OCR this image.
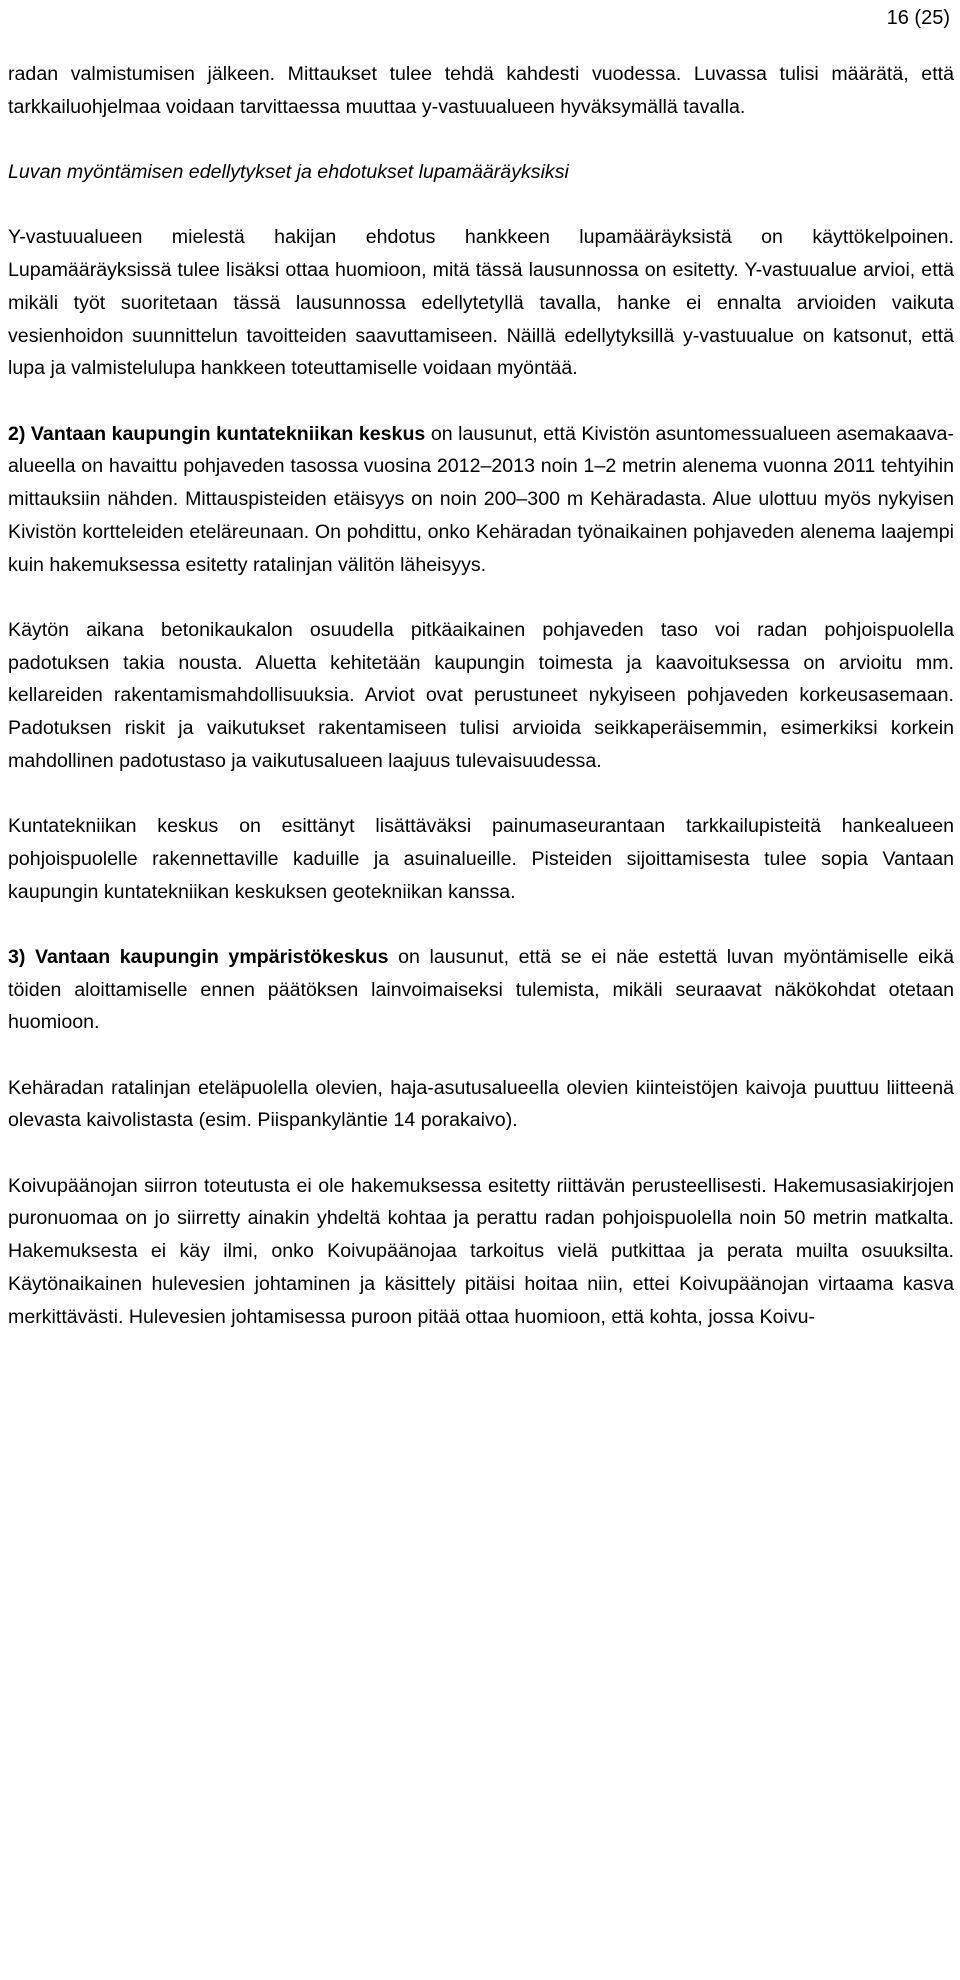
16 (25)

radan valmistumisen jälkeen. Mittaukset tulee tehdä kahdesti vuodessa. Luvassa tulisi määrätä, että tarkkailuohjelmaa voidaan tarvittaessa muuttaa y-vastuualueen hyväksymällä tavalla.

Luvan myöntämisen edellytykset ja ehdotukset lupamääräyksiksi

Y-vastuualueen mielestä hakijan ehdotus hankkeen lupamääräyksistä on käyttökelpoinen. Lupamääräyksissä tulee lisäksi ottaa huomioon, mitä tässä lausunnossa on esitetty. Y-vastuualue arvioi, että mikäli työt suoritetaan tässä lausunnossa edellytetyllä tavalla, hanke ei ennalta arvioiden vaikuta vesienhoidon suunnittelun tavoitteiden saavuttamiseen. Näillä edellytyksillä y-vastuualue on katsonut, että lupa ja valmistelulupa hankkeen toteuttamiselle voidaan myöntää.

2) Vantaan kaupungin kuntatekniikan keskus on lausunut, että Kivistön asuntomessualueen asemakaava-alueella on havaittu pohjaveden tasossa vuosina 2012–2013 noin 1–2 metrin alenema vuonna 2011 tehtyihin mittauksiin nähden. Mittauspisteiden etäisyys on noin 200–300 m Kehäradasta. Alue ulottuu myös nykyisen Kivistön kortteleiden eteläreunaan. On pohdittu, onko Kehäradan työnaikainen pohjaveden alenema laajempi kuin hakemuksessa esitetty ratalinjan välitön läheisyys.

Käytön aikana betonikaukalon osuudella pitkäaikainen pohjaveden taso voi radan pohjoispuolella padotuksen takia nousta. Aluetta kehitetään kaupungin toimesta ja kaavoituksessa on arvioitu mm. kellareiden rakentamismahdollisuuksia. Arviot ovat perustuneet nykyiseen pohjaveden korkeusasemaan. Padotuksen riskit ja vaikutukset rakentamiseen tulisi arvioida seikkaperäisemmin, esimerkiksi korkein mahdollinen padotustaso ja vaikutusalueen laajuus tulevaisuudessa.

Kuntatekniikan keskus on esittänyt lisättäväksi painumaseurantaan tarkkailupisteitä hankealueen pohjoispuolelle rakennettaville kaduille ja asuinalueille. Pisteiden sijoittamisesta tulee sopia Vantaan kaupungin kuntatekniikan keskuksen geotekniikan kanssa.

3) Vantaan kaupungin ympäristökeskus on lausunut, että se ei näe estettä luvan myöntämiselle eikä töiden aloittamiselle ennen päätöksen lainvoimaiseksi tulemista, mikäli seuraavat näkökohdat otetaan huomioon.

Kehäradan ratalinjan eteläpuolella olevien, haja-asutusalueella olevien kiinteistöjen kaivoja puuttuu liitteenä olevasta kaivolistasta (esim. Piispankyläntie 14 porakaivo).

Koivupäänojan siirron toteutusta ei ole hakemuksessa esitetty riittävän perusteellisesti. Hakemusasiakirjojen puronuomaa on jo siirretty ainakin yhdeltä kohtaa ja perattu radan pohjoispuolella noin 50 metrin matkalta. Hakemuksesta ei käy ilmi, onko Koivupäänojaa tarkoitus vielä putkittaa ja perata muilta osuuksilta. Käytönaikainen hulevesien johtaminen ja käsittely pitäisi hoitaa niin, ettei Koivupäänojan virtaama kasva merkittävästi. Hulevesien johtamisessa puroon pitää ottaa huomioon, että kohta, jossa Koivu-
